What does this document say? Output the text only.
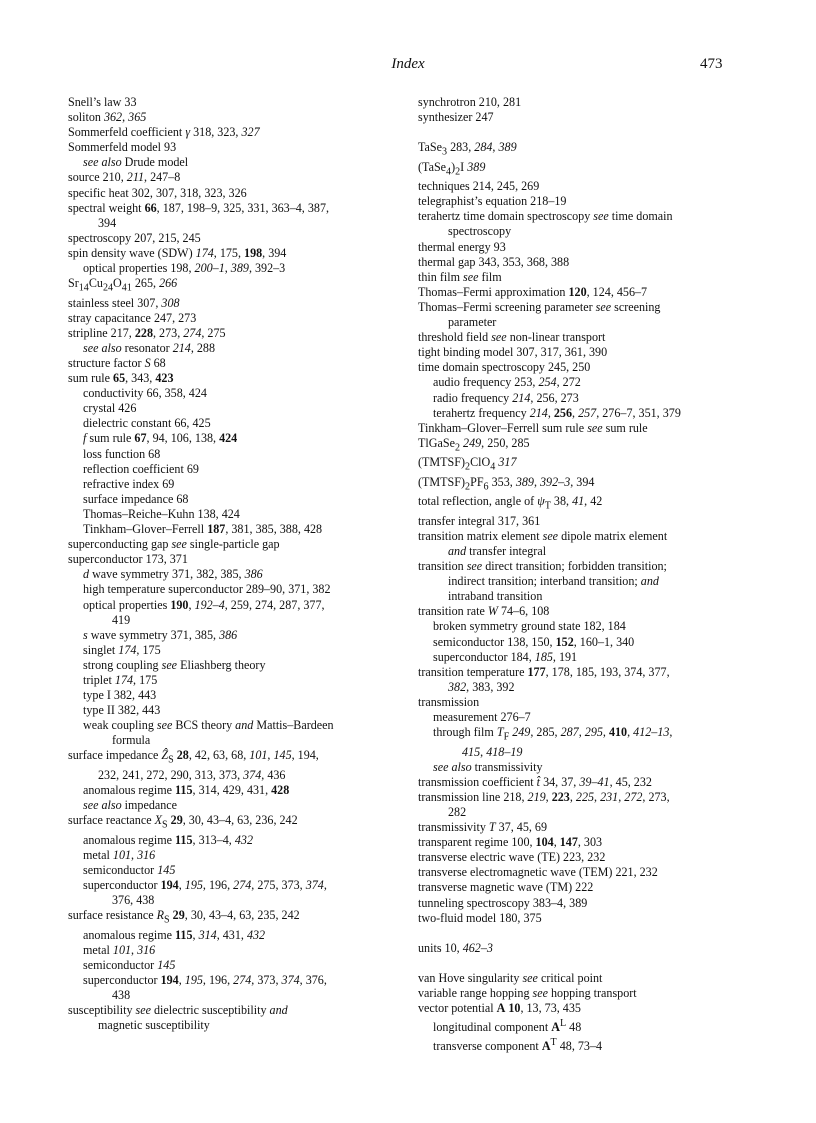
Index	473
Snell’s law 33
soliton 362, 365
Sommerfeld coefficient γ 318, 323, 327
Sommerfeld model 93
see also Drude model
source 210, 211, 247–8
specific heat 302, 307, 318, 323, 326
spectral weight 66, 187, 198–9, 325, 331, 363–4, 387,
394
spectroscopy 207, 215, 245
spin density wave (SDW) 174, 175, 198, 394
optical properties 198, 200–1, 389, 392–3
$Sr_{14}Cu_{24}O_{41}$ 265, 266
stainless steel 307, 308
stray capacitance 247, 273
stripline 217, 228, 273, 274, 275
see also resonator 214, 288
structure factor S 68
sum rule 65, 343, 423
conductivity 66, 358, 424
crystal 426
dielectric constant 66, 425
f sum rule 67, 94, 106, 138, 424
loss function 68
reflection coefficient 69
refractive index 69
surface impedance 68
Thomas–Reiche–Kuhn 138, 424
Tinkham–Glover–Ferrell 187, 381, 385, 388, 428
superconducting gap see single-particle gap
superconductor 173, 371
d wave symmetry 371, 382, 385, 386
high temperature superconductor 289–90, 371, 382
optical properties 190, 192–4, 259, 274, 287, 377,
419
s wave symmetry 371, 385, 386
singlet 174, 175
strong coupling see Eliashberg theory
triplet 174, 175
type I 382, 443
type II 382, 443
weak coupling see BCS theory and Mattis–Bardeen
formula
surface impedance Ẑ$_S$ 28, 42, 63, 68, 101, 145, 194,
232, 241, 272, 290, 313, 373, 374, 436
anomalous regime 115, 314, 429, 431, 428
see also impedance
surface reactance $X_S$ 29, 30, 43–4, 63, 236, 242
anomalous regime 115, 313–4, 432
metal 101, 316
semiconductor 145
superconductor 194, 195, 196, 274, 275, 373, 374,
376, 438
surface resistance $R_S$ 29, 30, 43–4, 63, 235, 242
anomalous regime 115, 314, 431, 432
metal 101, 316
semiconductor 145
superconductor 194, 195, 196, 274, 373, 374, 376,
438
susceptibility see dielectric susceptibility and
magnetic susceptibility
synchrotron 210, 281
synthesizer 247
TaSe$_3$ 283, 284, 389
$(TaSe_4)_2I$ 389
techniques 214, 245, 269
telegraphist’s equation 218–19
terahertz time domain spectroscopy see time domain
spectroscopy
thermal energy 93
thermal gap 343, 353, 368, 388
thin film see film
Thomas–Fermi approximation 120, 124, 456–7
Thomas–Fermi screening parameter see screening
parameter
threshold field see non-linear transport
tight binding model 307, 317, 361, 390
time domain spectroscopy 245, 250
audio frequency 253, 254, 272
radio frequency 214, 256, 273
terahertz frequency 214, 256, 257, 276–7, 351, 379
Tinkham–Glover–Ferrell sum rule see sum rule
TlGaSe$_2$ 249, 250, 285
$(TMTSF)_2ClO_4$ 317
$(TMTSF)_2PF_6$ 353, 389, 392–3, 394
total reflection, angle of $\psi_T$ 38, 41, 42
transfer integral 317, 361
transition matrix element see dipole matrix element
and transfer integral
transition see direct transition; forbidden transition;
indirect transition; interband transition; and
intraband transition
transition rate W 74–6, 108
broken symmetry ground state 182, 184
semiconductor 138, 150, 152, 160–1, 340
superconductor 184, 185, 191
transition temperature 177, 178, 185, 193, 374, 377,
382, 383, 392
transmission
measurement 276–7
through film $T_F$ 249, 285, 287, 295, 410, 412–13,
415, 418–19
see also transmissivity
transmission coefficient t̂ 34, 37, 39–41, 45, 232
transmission line 218, 219, 223, 225, 231, 272, 273,
282
transmissivity T 37, 45, 69
transparent regime 100, 104, 147, 303
transverse electric wave (TE) 223, 232
transverse electromagnetic wave (TEM) 221, 232
transverse magnetic wave (TM) 222
tunneling spectroscopy 383–4, 389
two-fluid model 180, 375
units 10, 462–3
van Hove singularity see critical point
variable range hopping see hopping transport
vector potential A 10, 13, 73, 435
longitudinal component $A^L$ 48
transverse component $A^T$ 48, 73–4
